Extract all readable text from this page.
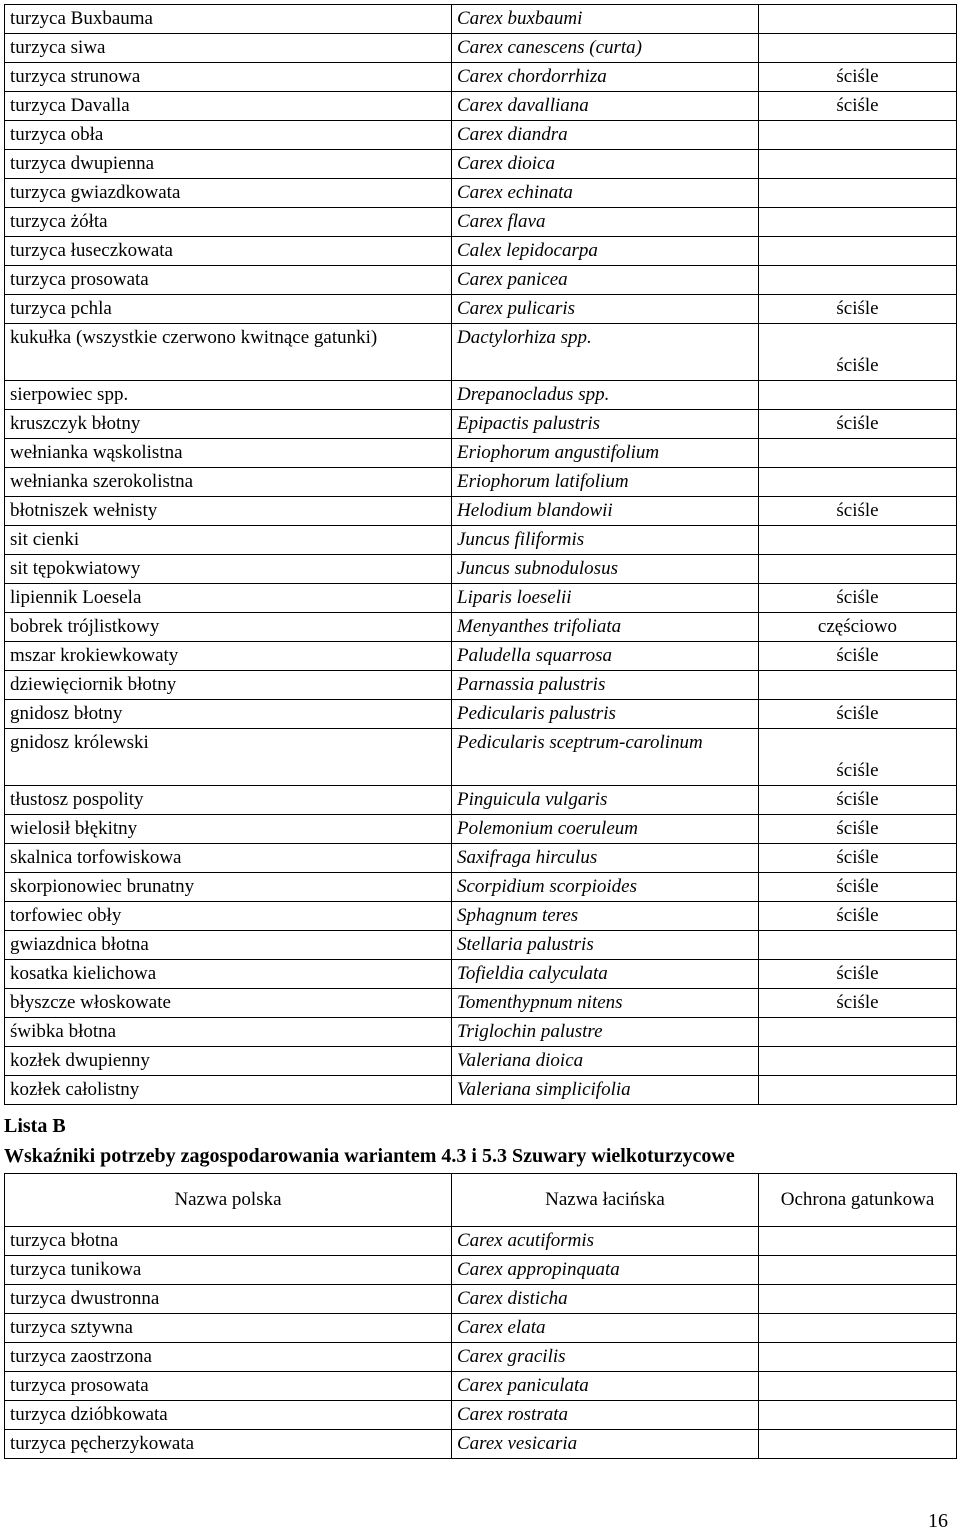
turzyca Buxbauma	Carex buxbaumi	
turzyca siwa	Carex canescens (curta)	
turzyca strunowa	Carex chordorrhiza	ściśle
turzyca Davalla	Carex davalliana	ściśle
turzyca obła	Carex diandra	
turzyca dwupienna	Carex dioica	
turzyca gwiazdkowata	Carex echinata	
turzyca żółta	Carex flava	
turzyca łuseczkowata	Calex lepidocarpa	
turzyca prosowata	Carex panicea	
turzyca pchla	Carex pulicaris	ściśle
kukułka (wszystkie czerwono kwitnące gatunki)	Dactylorhiza spp.	ściśle
sierpowiec spp.	Drepanocladus spp.	
kruszczyk błotny	Epipactis palustris	ściśle
wełnianka wąskolistna	Eriophorum angustifolium	
wełnianka szerokolistna	Eriophorum latifolium	
błotniszek wełnisty	Helodium blandowii	ściśle
sit cienki	Juncus filiformis	
sit tępokwiatowy	Juncus subnodulosus	
lipiennik Loesela	Liparis loeselii	ściśle
bobrek trójlistkowy	Menyanthes trifoliata	częściowo
mszar krokiewkowaty	Paludella squarrosa	ściśle
dziewięciornik błotny	Parnassia palustris	
gnidosz błotny	Pedicularis palustris	ściśle
gnidosz królewski	Pedicularis sceptrum-carolinum	ściśle
tłustosz pospolity	Pinguicula vulgaris	ściśle
wielosił błękitny	Polemonium coeruleum	ściśle
skalnica torfowiskowa	Saxifraga hirculus	ściśle
skorpionowiec brunatny	Scorpidium scorpioides	ściśle
torfowiec obły	Sphagnum teres	ściśle
gwiazdnica błotna	Stellaria palustris	
kosatka kielichowa	Tofieldia calyculata	ściśle
błyszcze włoskowate	Tomenthypnum nitens	ściśle
świbka błotna	Triglochin palustre	
kozłek dwupienny	Valeriana dioica	
kozłek całolistny	Valeriana simplicifolia	
Lista B
Wskaźniki potrzeby zagospodarowania wariantem 4.3 i 5.3 Szuwary wielkoturzycowe
Nazwa polska	Nazwa łacińska	Ochrona gatunkowa
turzyca błotna	Carex acutiformis	
turzyca tunikowa	Carex appropinquata	
turzyca dwustronna	Carex disticha	
turzyca sztywna	Carex elata	
turzyca zaostrzona	Carex gracilis	
turzyca prosowata	Carex paniculata	
turzyca dzióbkowata	Carex rostrata	
turzyca pęcherzykowata	Carex vesicaria	
16
